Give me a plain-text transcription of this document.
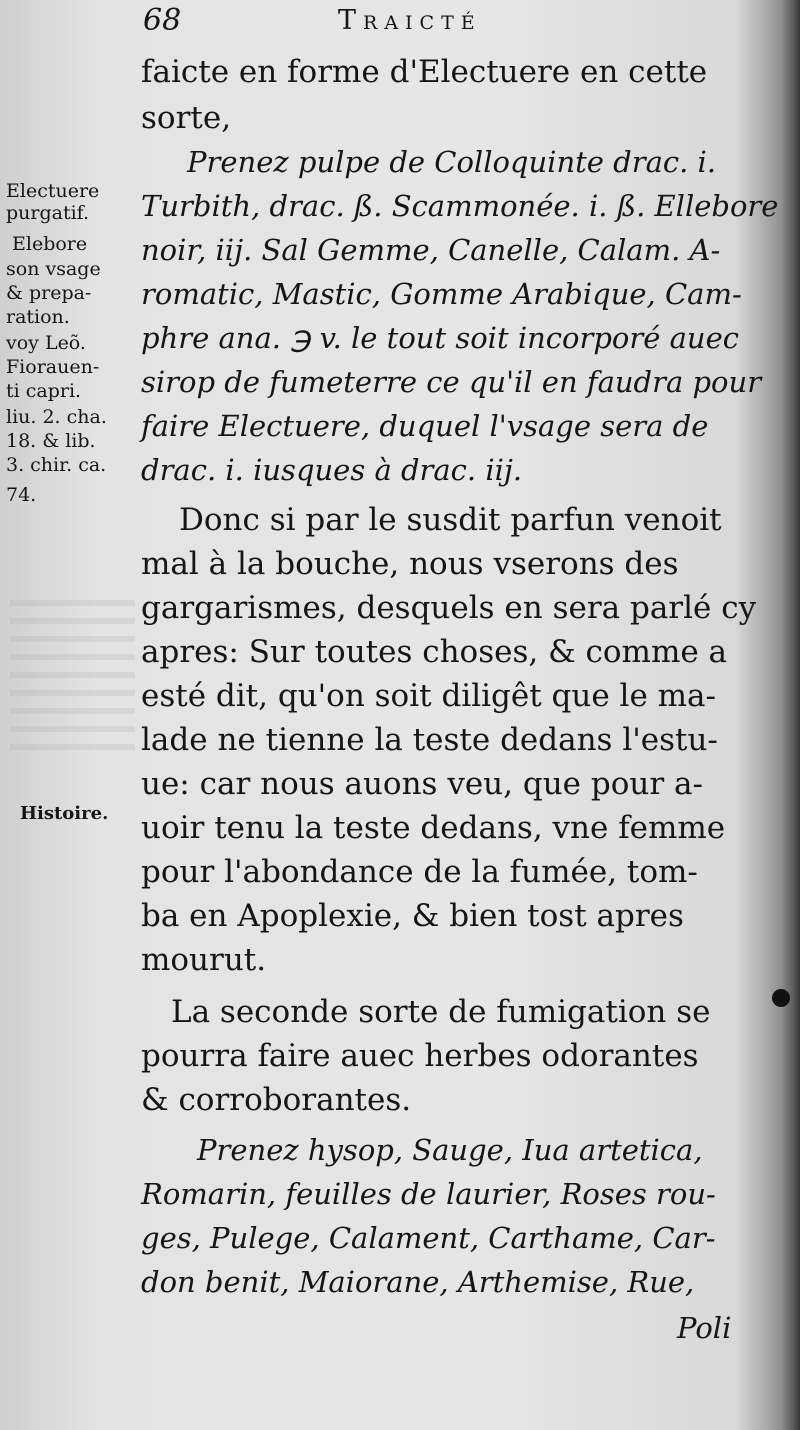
68	Traicté
faicte en forme d'Electuere en cette
sorte,
Prenez pulpe de Colloquinte drac. i.
Turbith, drac. ß. Scammonée. i. ß. Ellebore
noir, iij. Sal Gemme, Canelle, Calam. A-
romatic, Mastic, Gomme Arabique, Cam-
phre ana. ℈ v. le tout soit incorporé auec
sirop de fumeterre ce qu'il en faudra pour
faire Electuere, duquel l'vsage sera de
drac. i. iusques à drac. iij.
Donc si par le susdit parfun venoit
mal à la bouche, nous vserons des
gargarismes, desquels en sera parlé cy
apres: Sur toutes choses, & comme a
esté dit, qu'on soit diligêt que le ma-
lade ne tienne la teste dedans l'estu-
ue: car nous auons veu, que pour a-
uoir tenu la teste dedans, vne femme
pour l'abondance de la fumée, tom-
ba en Apoplexie, & bien tost apres
mourut.
La seconde sorte de fumigation se
pourra faire auec herbes odorantes
& corroborantes.
Prenez hysop, Sauge, Iua artetica,
Romarin, feuilles de laurier, Roses rou-
ges, Pulege, Calament, Carthame, Car-
don benit, Maiorane, Arthemise, Rue,
Poli
Electuere
purgatif.
Elebore
son vsage
& prepa-
ration.
voy Leõ.
Fiorauen-
ti capri.
liu. 2. cha.
18. & lib.
3. chir. ca.
74.
Histoire.
